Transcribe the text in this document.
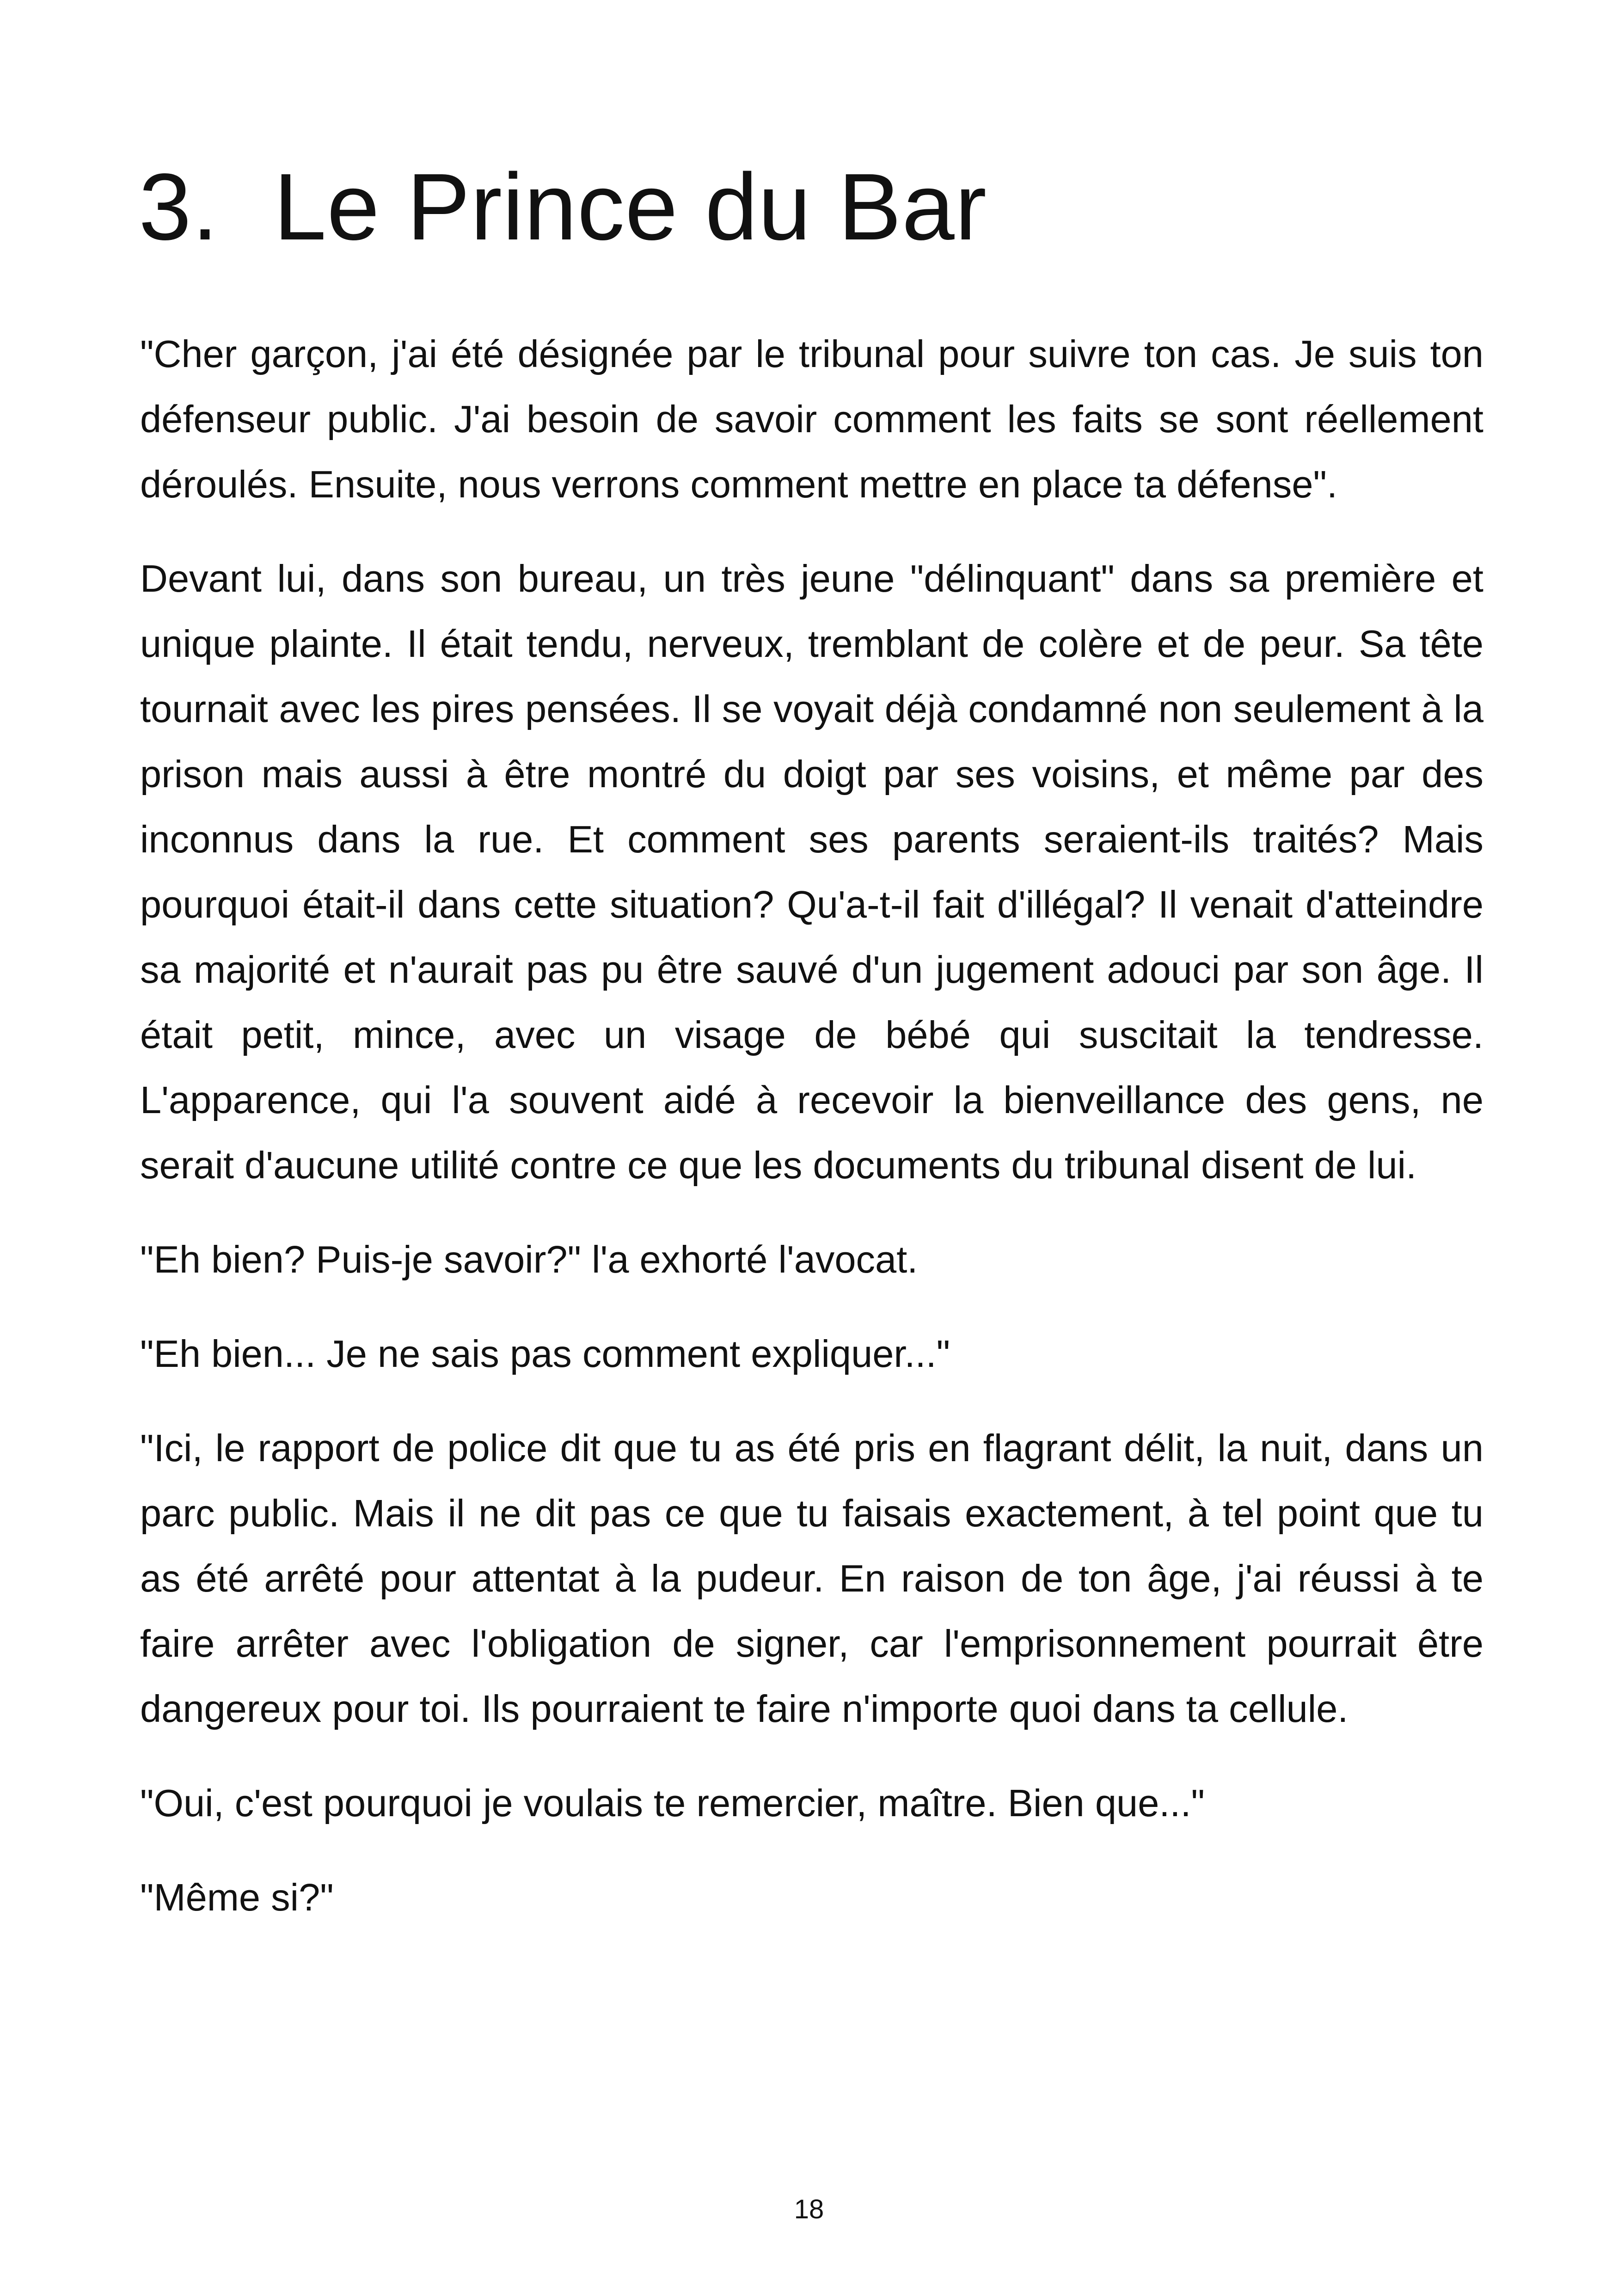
3. Le Prince du Bar

"Cher garçon, j'ai été désignée par le tribunal pour suivre ton cas. Je suis ton défenseur public. J'ai besoin de savoir comment les faits se sont réellement déroulés. Ensuite, nous verrons comment mettre en place ta défense".

Devant lui, dans son bureau, un très jeune "délinquant" dans sa première et unique plainte. Il était tendu, nerveux, tremblant de colère et de peur. Sa tête tournait avec les pires pensées. Il se voyait déjà condamné non seulement à la prison mais aussi à être montré du doigt par ses voisins, et même par des inconnus dans la rue. Et comment ses parents seraient-ils traités? Mais pourquoi était-il dans cette situation? Qu'a-t-il fait d'illégal? Il venait d'atteindre sa majorité et n'aurait pas pu être sauvé d'un jugement adouci par son âge. Il était petit, mince, avec un visage de bébé qui suscitait la tendresse. L'apparence, qui l'a souvent aidé à recevoir la bienveillance des gens, ne serait d'aucune utilité contre ce que les documents du tribunal disent de lui.

"Eh bien? Puis-je savoir?" l'a exhorté l'avocat.

"Eh bien... Je ne sais pas comment expliquer..."

"Ici, le rapport de police dit que tu as été pris en flagrant délit, la nuit, dans un parc public. Mais il ne dit pas ce que tu faisais exactement, à tel point que tu as été arrêté pour attentat à la pudeur. En raison de ton âge, j'ai réussi à te faire arrêter avec l'obligation de signer, car l'emprisonnement pourrait être dangereux pour toi. Ils pourraient te faire n'importe quoi dans ta cellule.

"Oui, c'est pourquoi je voulais te remercier, maître. Bien que..."

"Même si?"

18
